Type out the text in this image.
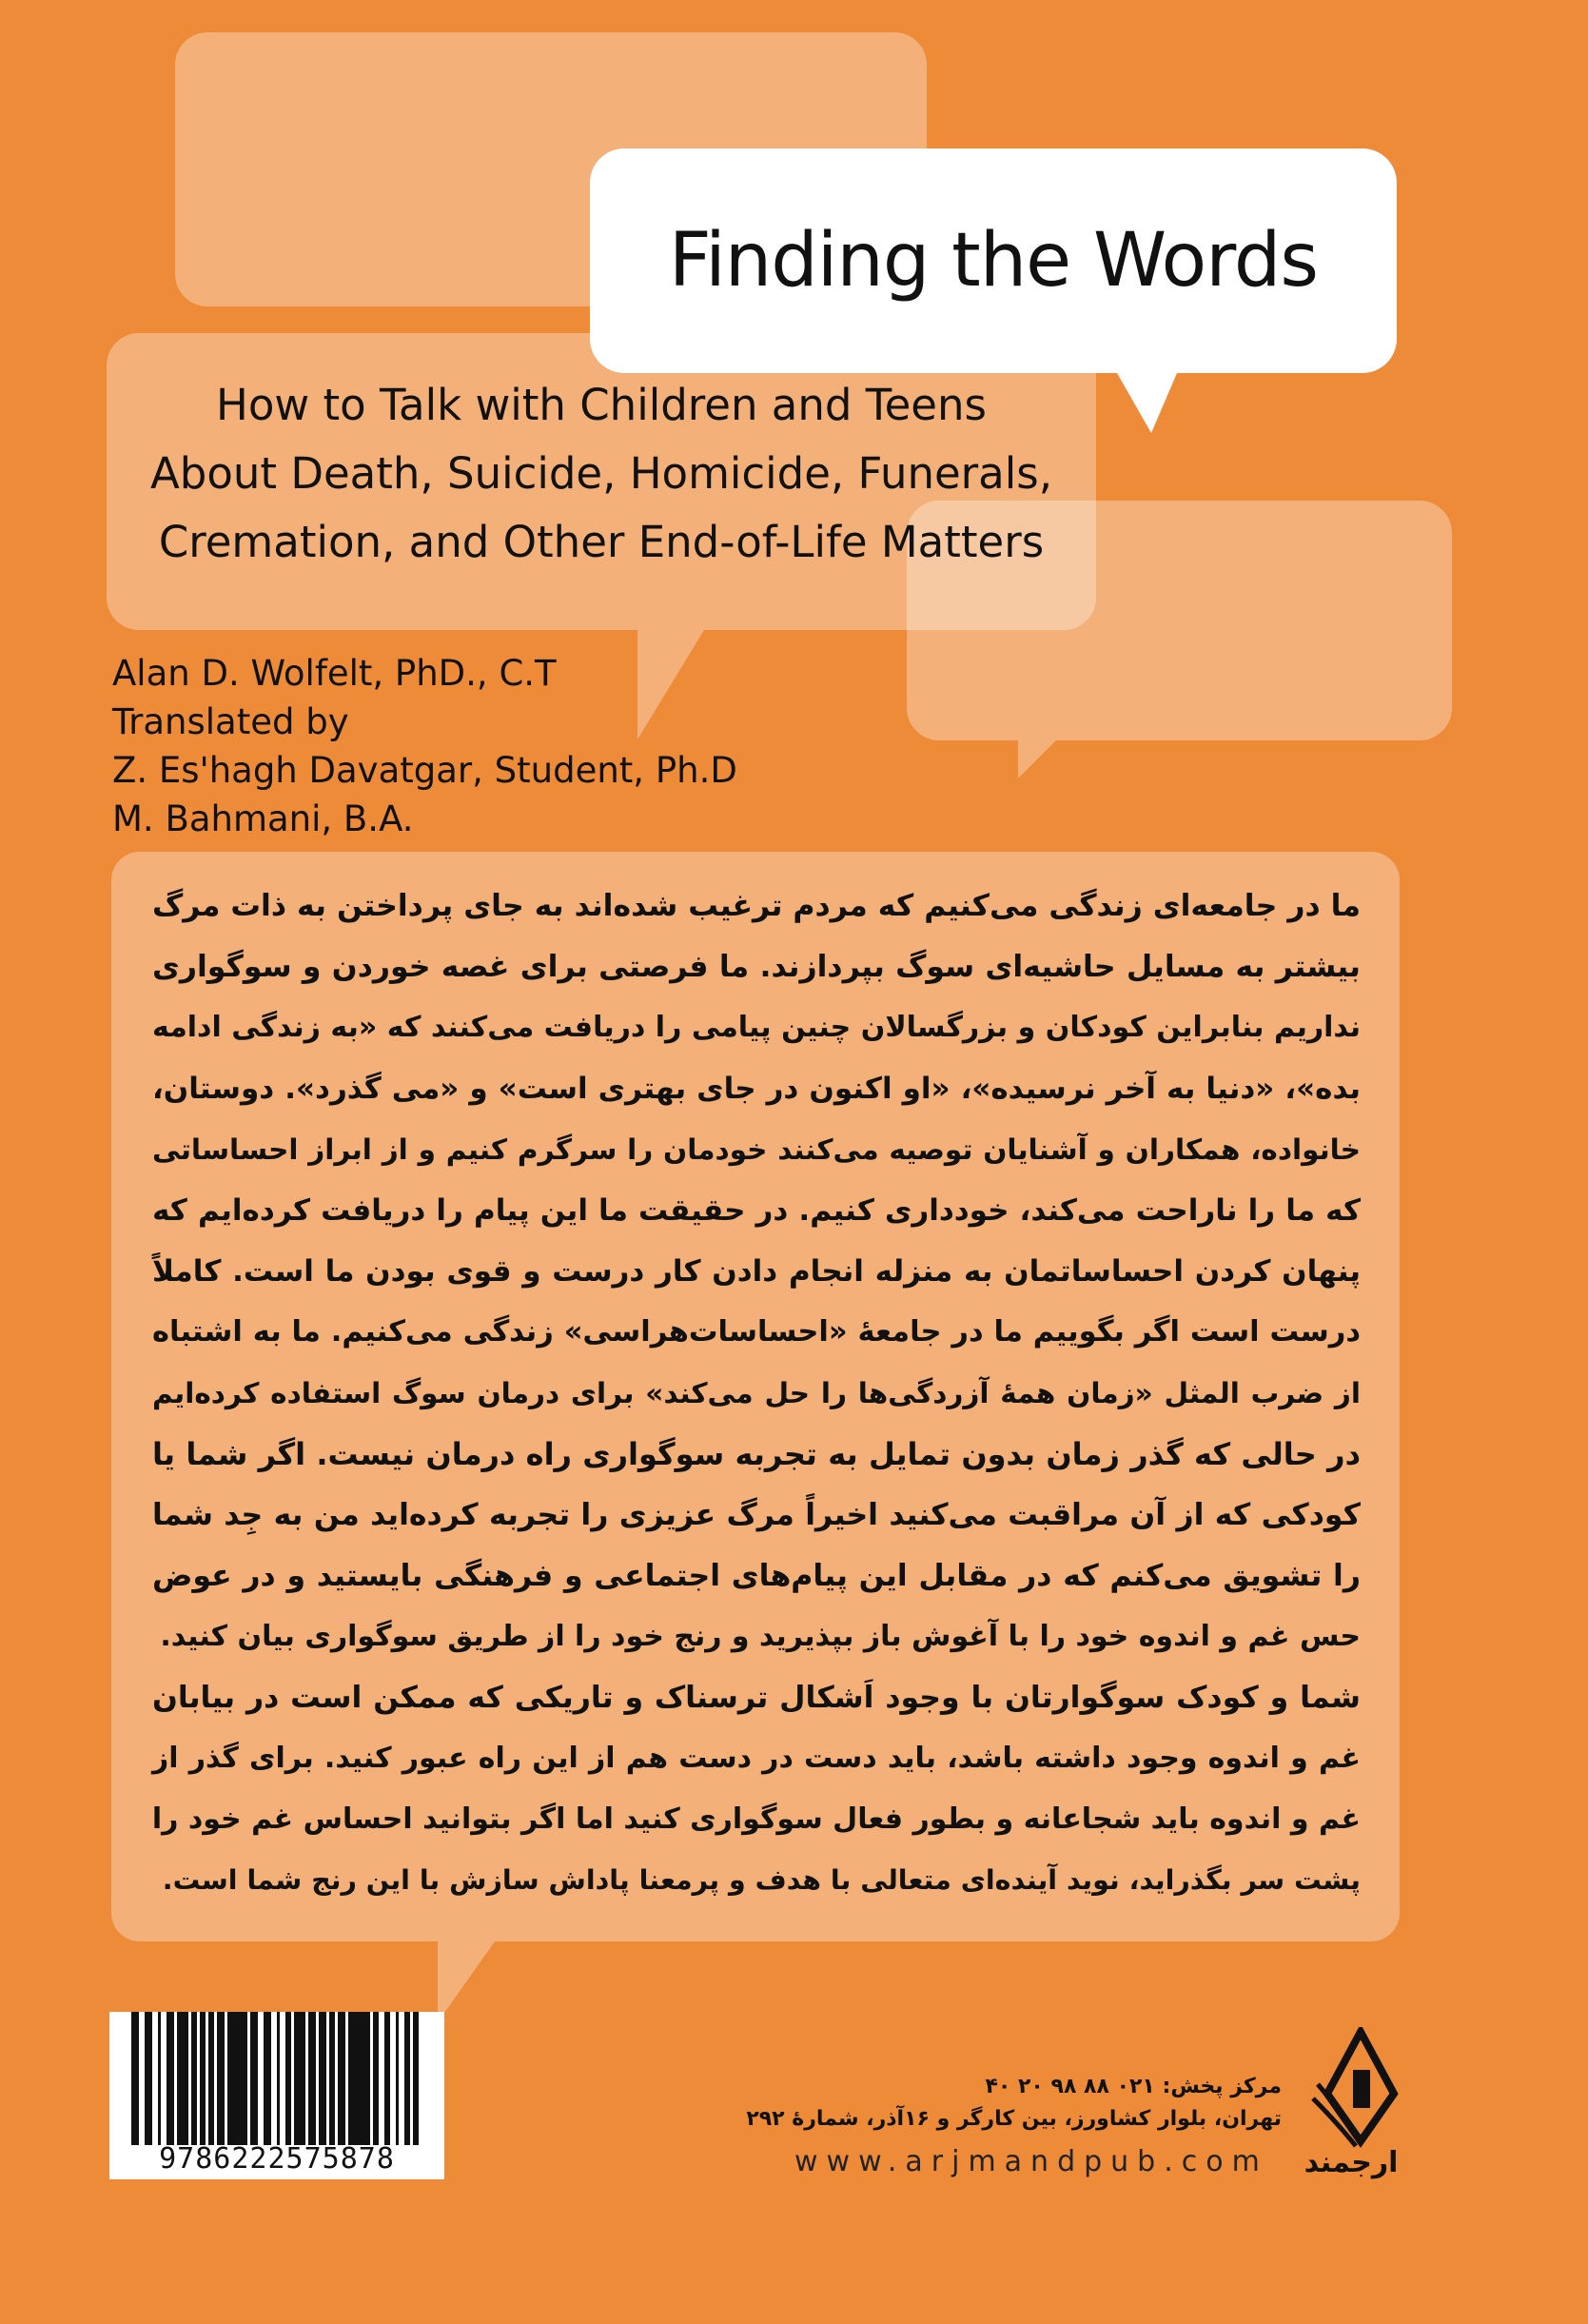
Finding the Words
How to Talk with Children and Teens
About Death, Suicide, Homicide, Funerals,
Cremation, and Other End-of-Life Matters
Alan D. Wolfelt, PhD., C.T
Translated by
Z. Es'hagh Davatgar, Student, Ph.D
M. Bahmani, B.A.
ما در جامعه‌ای زندگی می‌کنیم که مردم ترغیب شده‌اند به جای پرداختن به ذات مرگ
بیشتر به مسایل حاشیه‌ای سوگ بپردازند. ما فرصتی برای غصه خوردن و سوگواری
نداریم بنابراین کودکان و بزرگسالان چنین پیامی را دریافت می‌کنند که «به زندگی ادامه
بده»، «دنیا به آخر نرسیده»، «او اکنون در جای بهتری است» و «می گذرد». دوستان،
خانواده، همکاران و آشنایان توصیه می‌کنند خودمان را سرگرم کنیم و از ابراز احساساتی
که ما را ناراحت می‌کند، خودداری کنیم. در حقیقت ما این پیام را دریافت کرده‌ایم که
پنهان کردن احساساتمان به منزله انجام دادن کار درست و قوی بودن ما است. کاملاً
درست است اگر بگوییم ما در جامعهٔ «احساسات‌هراسی» زندگی می‌کنیم. ما به اشتباه
از ضرب المثل «زمان همهٔ آزردگی‌ها را حل می‌کند» برای درمان سوگ استفاده کرده‌ایم
در حالی که گذر زمان بدون تمایل به تجربه سوگواری راه درمان نیست. اگر شما یا
کودکی که از آن مراقبت می‌کنید اخیراً مرگ عزیزی را تجربه کرده‌اید من به جِد شما
را تشویق می‌کنم که در مقابل این پیام‌های اجتماعی و فرهنگی بایستید و در عوض
حس غم و اندوه خود را با آغوش باز بپذیرید و رنج خود را از طریق سوگواری بیان کنید.
شما و کودک سوگوارتان با وجود اَشکال ترسناک و تاریکی که ممکن است در بیابان
غم و اندوه وجود داشته باشد، باید دست در دست هم از این راه عبور کنید. برای گذر از
غم و اندوه باید شجاعانه و بطور فعال سوگواری کنید اما اگر بتوانید احساس غم خود را
پشت سر بگذراید، نوید آینده‌ای متعالی با هدف و پرمعنا پاداش سازش با این رنج شما است.
9786222575878
مرکز پخش: ۰۲۱ ۸۸ ۹۸ ۲۰ ۴۰
تهران، بلوار کشاورز، بین کارگر و ۱۶آذر، شمارهٔ ۲۹۲
www.arjmandpub.com ارجمند
